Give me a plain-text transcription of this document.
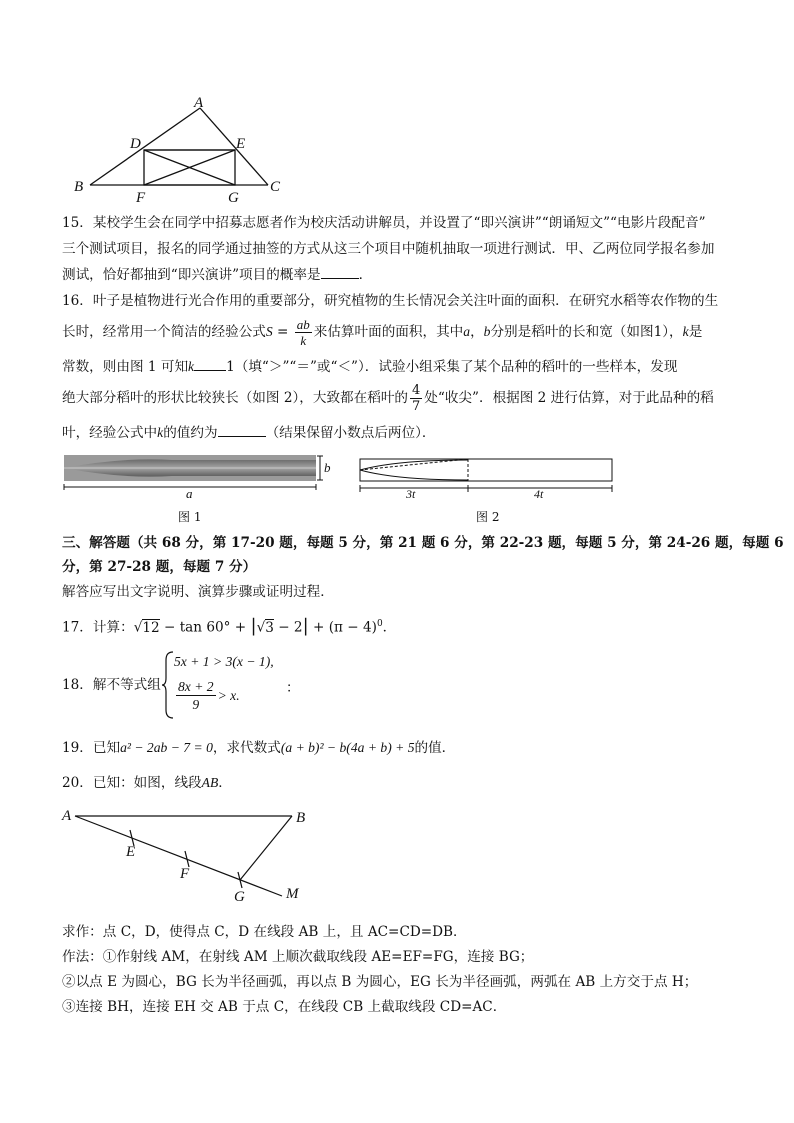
A
D	E
B
F	G
C
15．某校学生会在同学中招募志愿者作为校庆活动讲解员，并设置了“即兴演讲”“朗诵短文”“电影片段配音”
三个测试项目，报名的同学通过抽签的方式从这三个项目中随机抽取一项进行测试．甲、乙两位同学报名参加
测试，恰好都抽到“即兴演讲”项目的概率是	．
16．叶子是植物进行光合作用的重要部分，研究植物的生长情况会关注叶面的面积．在研究水稻等农作物的生
长时，经常用一个简洁的经验公式$S = \frac{ab}{k}$ 来估算叶面的面积，其中a，b分别是稻叶的长和宽（如图1），k是
常数，则由图 1 可知k 1（填“＞”“＝”或“＜”）．试验小组采集了某个品种的稻叶的一些样本，发现
绝大部分稻叶的形状比较狭长（如图 2），大致都在稻叶的 $\frac{4}{7}$ 处“收尖”．根据图 2 进行估算，对于此品种的稻
叶，经验公式中k的值约为	（结果保留小数点后两位）．
b
a
图 1
3t	4t
图 2
三、解答题（共 68 分，第 17-20 题，每题 5 分，第 21 题 6 分，第 22-23 题，每题 5 分，第 24-26 题，每题 6
分，第 27-28 题，每题 7 分）
解答应写出文字说明、演算步骤或证明过程．
17．计算：$√12 - \tan 60^\circ + |√3 - 2| + (\pi - 4)^0$．
18．解不等式组
5x + 1 > 3(x − 1),
$\frac{8x + 2}{9} > x$.	：
19．已知a² − 2ab − 7 = 0，求代数式(a + b)² − b(4a + b) + 5的值．
20．已知：如图，线段AB．
A	B
E
F
G	M
求作：点 C，D，使得点 C，D 在线段 AB 上，且 AC=CD=DB．
作法：①作射线 AM，在射线 AM 上顺次截取线段 AE=EF=FG，连接 BG；
②以点 E 为圆心，BG 长为半径画弧，再以点 B 为圆心，EG 长为半径画弧，两弧在 AB 上方交于点 H；
③连接 BH，连接 EH 交 AB 于点 C，在线段 CB 上截取线段 CD=AC．
